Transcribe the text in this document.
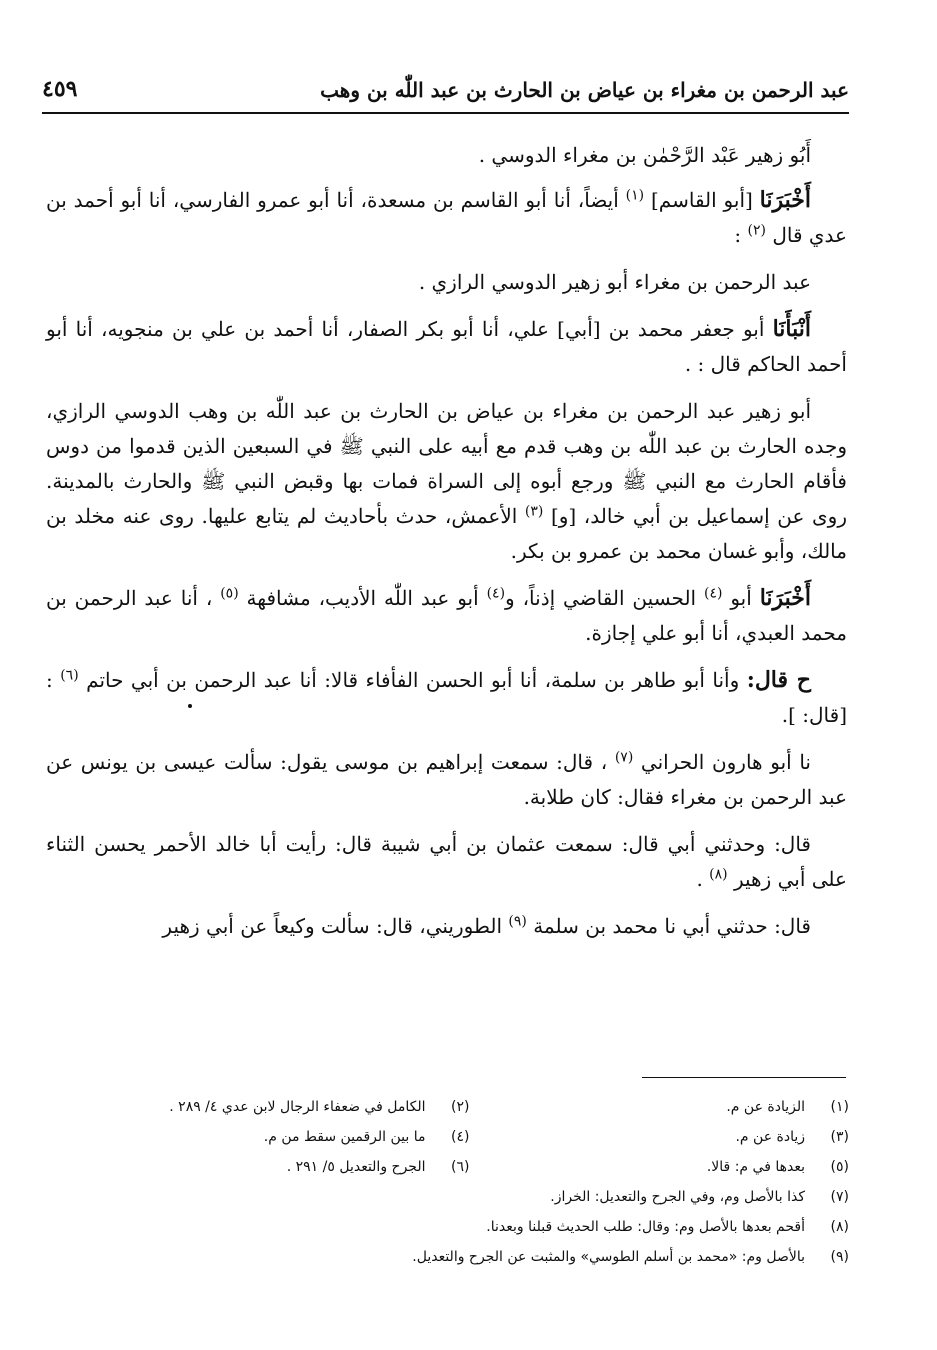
عبد الرحمن بن مغراء بن عياض بن الحارث بن عبد اللّٰه بن وهب
٤٥٩

أَبُو زهير عَبْد الرَّحْمٰن بن مغراء الدوسي .

أَخْبَرَنَا [أبو القاسم] $^{(١)}$ أيضاً، أنا أبو القاسم بن مسعدة، أنا أبو عمرو الفارسي، أنا أبو أحمد بن عدي قال $^{(٢)}$ :

عبد الرحمن بن مغراء أبو زهير الدوسي الرازي .

أَنْبَأَنَا أبو جعفر محمد بن [أبي] علي، أنا أبو بكر الصفار، أنا أحمد بن علي بن منجويه، أنا أبو أحمد الحاكم قال : .

أبو زهير عبد الرحمن بن مغراء بن عياض بن الحارث بن عبد اللّٰه بن وهب الدوسي الرازي، وجده الحارث بن عبد اللّٰه بن وهب قدم مع أبيه على النبي ﷺ في السبعين الذين قدموا من دوس فأقام الحارث مع النبي ﷺ ورجع أبوه إلى السراة فمات بها وقبض النبي ﷺ والحارث بالمدينة. روى عن إسماعيل بن أبي خالد، [و] $^{(٣)}$ الأعمش، حدث بأحاديث لم يتابع عليها. روى عنه مخلد بن مالك، وأبو غسان محمد بن عمرو بن بكر.

أَخْبَرَنَا أبو $^{(٤)}$ الحسين القاضي إذناً، و$^{(٤)}$ أبو عبد اللّٰه الأديب، مشافهة $^{(٥)}$ ، أنا عبد الرحمن بن محمد العبدي، أنا أبو علي إجازة.

ح قال: وأنا أبو طاهر بن سلمة، أنا أبو الحسن الفأفاء قالا: أنا عبد الرحمن بن أبي حاتم $^{(٦)}$ : [قال: ].

نا أبو هارون الحراني $^{(٧)}$ ، قال: سمعت إبراهيم بن موسى يقول: سألت عيسى بن يونس عن عبد الرحمن بن مغراء فقال: كان طلابة.

قال: وحدثني أبي قال: سمعت عثمان بن أبي شيبة قال: رأيت أبا خالد الأحمر يحسن الثناء على أبي زهير $^{(٨)}$ .

قال: حدثني أبي نا محمد بن سلمة $^{(٩)}$ الطوريني، قال: سألت وكيعاً عن أبي زهير

(١)
الزيادة عن م.
(٢)
الكامل في ضعفاء الرجال لابن عدي ٤/ ٢٨٩ .
(٣)
زيادة عن م.
(٤)
ما بين الرقمين سقط من م.
(٥)
بعدها في م: قالا.
(٦)
الجرح والتعديل ٥/ ٢٩١ .
(٧)
كذا بالأصل وم، وفي الجرح والتعديل: الخراز.
(٨)
أقحم بعدها بالأصل وم: وقال: طلب الحديث قبلنا وبعدنا.
(٩)
بالأصل وم: «محمد بن أسلم الطوسي» والمثبت عن الجرح والتعديل.
